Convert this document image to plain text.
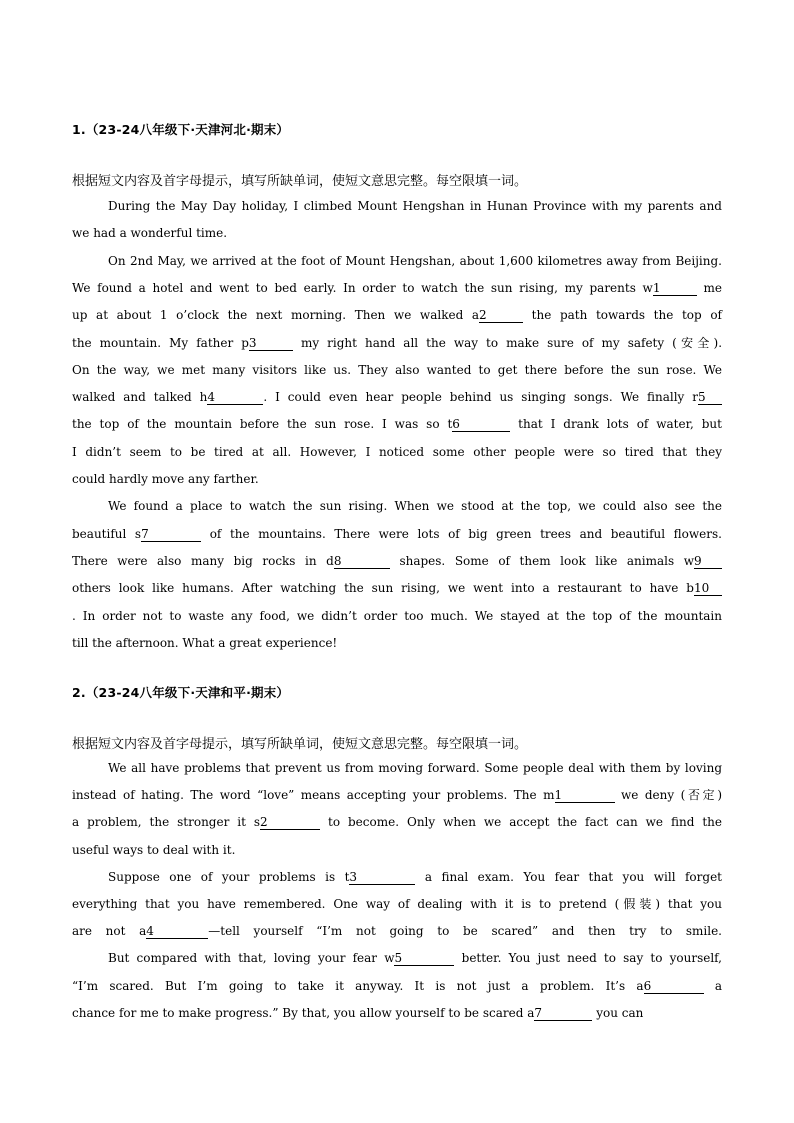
1.（23-24八年级下·天津河北·期末）
根据短文内容及首字母提示，填写所缺单词，使短文意思完整。每空限填一词。
During the May Day holiday, I climbed Mount Hengshan in Hunan Province with my parents and
we had a wonderful time.
On 2nd May, we arrived at the foot of Mount Hengshan, about 1,600 kilometres away from Beijing.
We found a hotel and went to bed early. In order to watch the sun rising, my parents w1	me
up at about 1 o’clock the next morning. Then we walked a2	the path towards the top of
the mountain. My father p3	my right hand all the way to make sure of my safety (安全).
On the way, we met many visitors like us. They also wanted to get there before the sun rose. We
walked and talked h4	. I could even hear people behind us singing songs. We finally r5
the top of the mountain before the sun rose. I was so t6	that I drank lots of water, but
I didn’t seem to be tired at all. However, I noticed some other people were so tired that they
could hardly move any farther.
We found a place to watch the sun rising. When we stood at the top, we could also see the
beautiful s7	of the mountains. There were lots of big green trees and beautiful flowers.
There were also many big rocks in d8	shapes. Some of them look like animals w9
others look like humans. After watching the sun rising, we went into a restaurant to have b10
. In order not to waste any food, we didn’t order too much. We stayed at the top of the mountain
till the afternoon. What a great experience!
2.（23-24八年级下·天津和平·期末）
根据短文内容及首字母提示，填写所缺单词，使短文意思完整。每空限填一词。
We all have problems that prevent us from moving forward. Some people deal with them by loving
instead of hating. The word “love” means accepting your problems. The m1	we deny (否定)
a problem, the stronger it s2	to become. Only when we accept the fact can we find the
useful ways to deal with it.
Suppose one of your problems is t3	a final exam. You fear that you will forget
everything that you have remembered. One way of dealing with it is to pretend (假装) that you
are not a4	—tell yourself “I’m not going to be scared” and then try to smile.
But compared with that, loving your fear w5	better. You just need to say to yourself,
“I’m scared. But I’m going to take it anyway. It is not just a problem. It’s a6	a
chance for me to make progress.” By that, you allow yourself to be scared a7	you can
